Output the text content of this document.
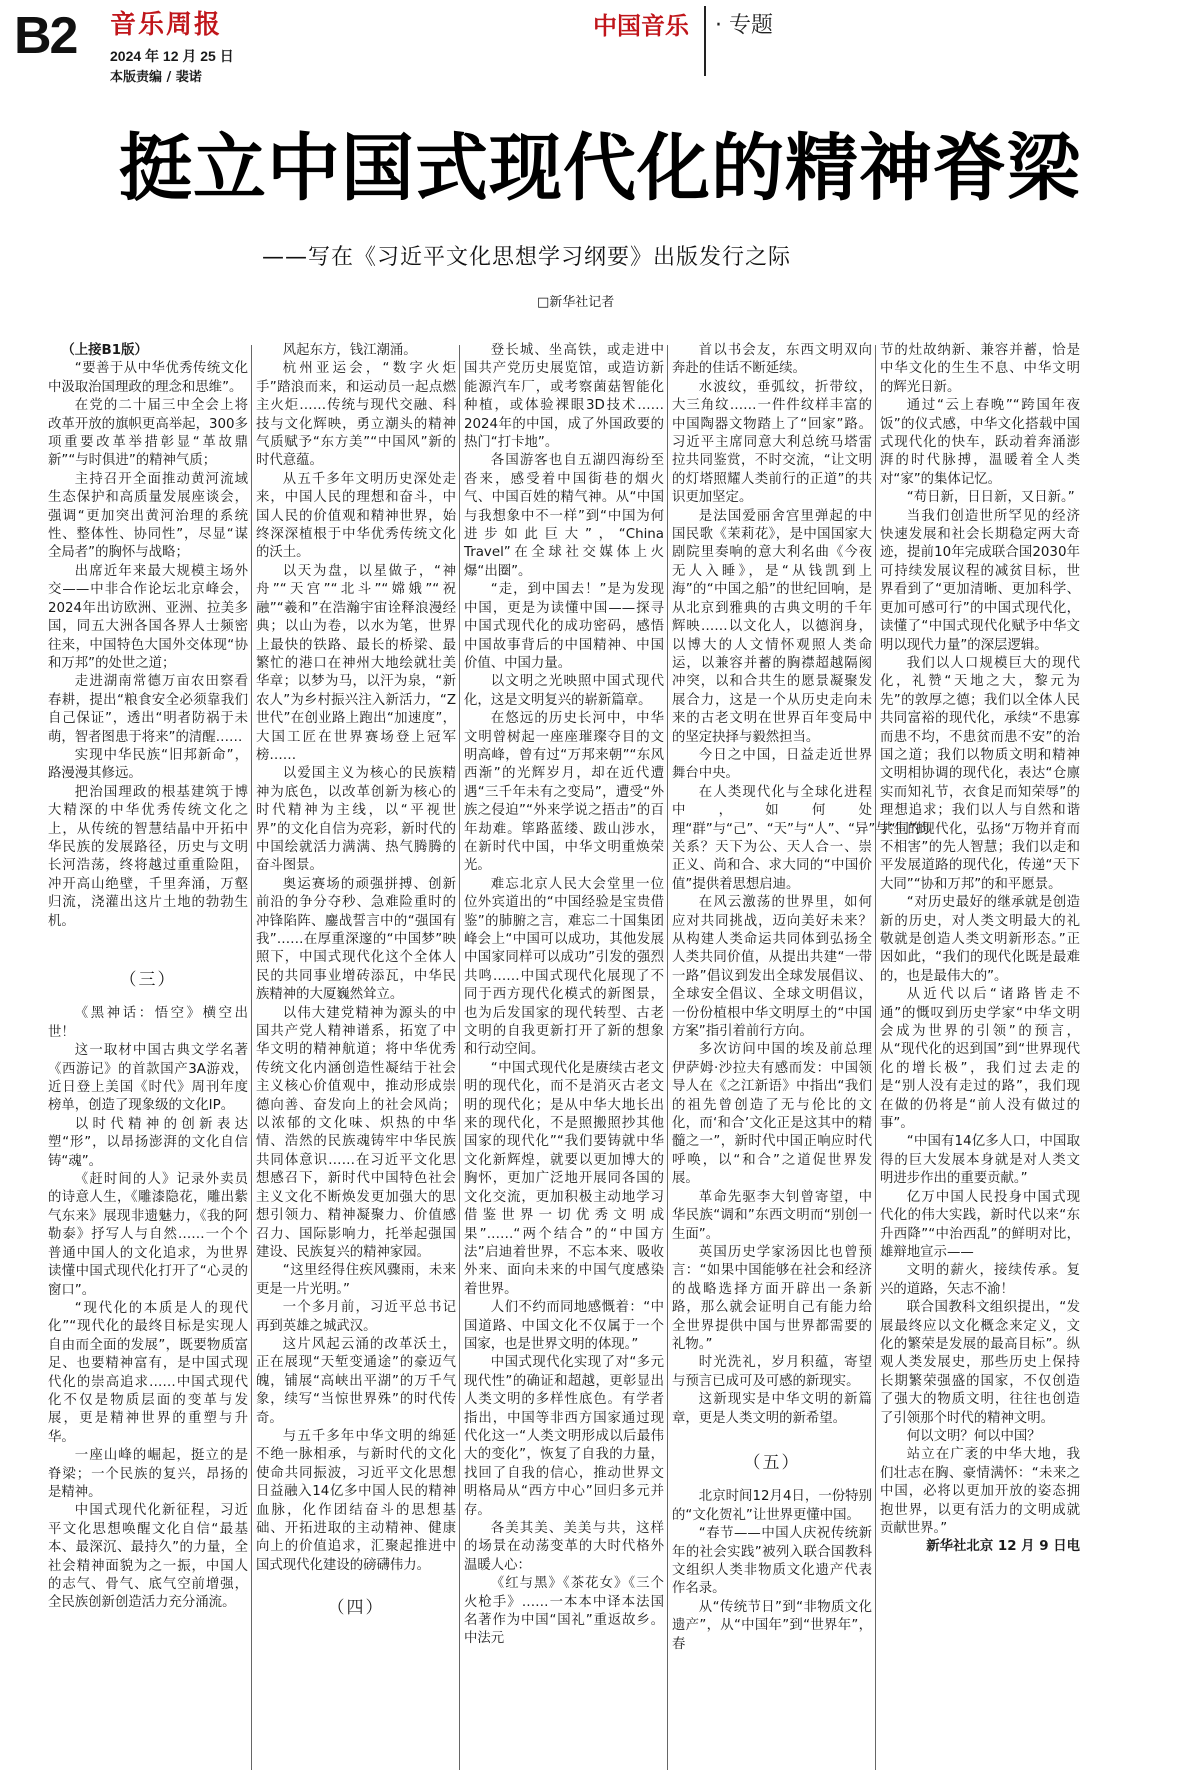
B2 音乐周报
2024 年 12 月 25 日
本版责编 / 裴诺
中国音乐 · 专题
挺立中国式现代化的精神脊梁
——写在《习近平文化思想学习纲要》出版发行之际
□新华社记者

（上接B1版）

“要善于从中华优秀传统文化中汲取治国理政的理念和思维”。

在党的二十届三中全会上将改革开放的旗帜更高举起，300多项重要改革举措彰显“革故鼎新”“与时俱进”的精神气质；

主持召开全面推动黄河流域生态保护和高质量发展座谈会，强调“更加突出黄河治理的系统性、整体性、协同性”，尽显“谋全局者”的胸怀与战略；

出席近年来最大规模主场外交——中非合作论坛北京峰会，2024年出访欧洲、亚洲、拉美多国，同五大洲各国各界人士频密往来，中国特色大国外交体现“协和万邦”的处世之道；

走进湖南常德万亩农田察看春耕，提出“粮食安全必须靠我们自己保证”，透出“明者防祸于未萌，智者图患于将来”的清醒……

实现中华民族“旧邦新命”，路漫漫其修远。

把治国理政的根基建筑于博大精深的中华优秀传统文化之上，从传统的智慧结晶中开拓中华民族的发展路径，历史与文明长河浩荡，终将越过重重险阻，冲开高山绝壁，千里奔涌，万壑归流，浇灌出这片土地的勃勃生机。

（三）

《黑神话：悟空》横空出世！

这一取材中国古典文学名著《西游记》的首款国产3A游戏，近日登上美国《时代》周刊年度榜单，创造了现象级的文化IP。

以时代精神的创新表达塑“形”，以昂扬澎湃的文化自信铸“魂”。

《赶时间的人》记录外卖员的诗意人生，《雕漆隐花，雕出紫气东来》展现非遗魅力，《我的阿勒泰》抒写人与自然……一个个普通中国人的文化追求，为世界读懂中国式现代化打开了“心灵的窗口”。

“现代化的本质是人的现代化”“现代化的最终目标是实现人自由而全面的发展”，既要物质富足、也要精神富有，是中国式现代化的崇高追求……中国式现代化不仅是物质层面的变革与发展，更是精神世界的重塑与升华。

一座山峰的崛起，挺立的是脊梁；一个民族的复兴，昂扬的是精神。

中国式现代化新征程，习近平文化思想唤醒文化自信“最基本、最深沉、最持久”的力量，全社会精神面貌为之一振，中国人的志气、骨气、底气空前增强，全民族创新创造活力充分涌流。

风起东方，钱江潮涌。

杭州亚运会，“数字火炬手”踏浪而来，和运动员一起点燃主火炬……传统与现代交融、科技与文化辉映，勇立潮头的精神气质赋予“东方美”“中国风”新的时代意蕴。

从五千多年文明历史深处走来，中国人民的理想和奋斗，中国人民的价值观和精神世界，始终深深植根于中华优秀传统文化的沃土。

以天为盘，以星做子，“神舟”“天宫”“北斗”“嫦娥”“祝融”“羲和”在浩瀚宇宙诠释浪漫经典；以山为卷，以水为笔，世界上最快的铁路、最长的桥梁、最繁忙的港口在神州大地绘就壮美华章；以梦为马，以汗为泉，“新农人”为乡村振兴注入新活力，“Z世代”在创业路上跑出“加速度”，大国工匠在世界赛场登上冠军榜……

以爱国主义为核心的民族精神为底色，以改革创新为核心的时代精神为主线，以“平视世界”的文化自信为亮彩，新时代的中国绘就活力满满、热气腾腾的奋斗图景。

奥运赛场的顽强拼搏、创新前沿的争分夺秒、急难险重时的冲锋陷阵、鏖战誓言中的“强国有我”……在厚重深邃的“中国梦”映照下，中国式现代化这个全体人民的共同事业增砖添瓦，中华民族精神的大厦巍然耸立。

以伟大建党精神为源头的中国共产党人精神谱系，拓宽了中华文明的精神航道；将中华优秀传统文化内涵创造性凝结于社会主义核心价值观中，推动形成崇德向善、奋发向上的社会风尚；以浓郁的文化味、炽热的中华情、浩然的民族魂铸牢中华民族共同体意识……在习近平文化思想感召下，新时代中国特色社会主义文化不断焕发更加强大的思想引领力、精神凝聚力、价值感召力、国际影响力，托举起强国建设、民族复兴的精神家园。

“这里经得住疾风骤雨，未来更是一片光明。”

一个多月前，习近平总书记再到英雄之城武汉。

这片风起云涌的改革沃土，正在展现“天堑变通途”的豪迈气魄，铺展“高峡出平湖”的万千气象，续写“当惊世界殊”的时代传奇。

与五千多年中华文明的绵延不绝一脉相承，与新时代的文化使命共同振波，习近平文化思想日益融入14亿多中国人民的精神血脉，化作团结奋斗的思想基础、开拓进取的主动精神、健康向上的价值追求，汇聚起推进中国式现代化建设的磅礴伟力。

（四）

登长城、坐高铁，或走进中国共产党历史展览馆，或造访新能源汽车厂，或考察菌菇智能化种植，或体验裸眼3D技术……2024年的中国，成了外国政要的热门“打卡地”。

各国游客也自五湖四海纷至沓来，感受着中国街巷的烟火气、中国百姓的精气神。从“中国与我想象中不一样”到“中国为何进步如此巨大”，“China Travel”在全球社交媒体上火爆“出圈”。

“走，到中国去！”是为发现中国，更是为读懂中国——探寻中国式现代化的成功密码，感悟中国故事背后的中国精神、中国价值、中国力量。

以文明之光映照中国式现代化，这是文明复兴的崭新篇章。

在悠远的历史长河中，中华文明曾树起一座座璀璨夺目的文明高峰，曾有过“万邦来朝”“东风西渐”的光辉岁月，却在近代遭遇“三千年未有之变局”，遭受“外族之侵迫”“外来学说之捂击”的百年劫难。筚路蓝缕、跋山涉水，在新时代中国，中华文明重焕荣光。

难忘北京人民大会堂里一位位外宾道出的“中国经验是宝贵借鉴”的肺腑之言，难忘二十国集团峰会上“中国可以成功，其他发展中国家同样可以成功”引发的强烈共鸣……中国式现代化展现了不同于西方现代化模式的新图景，也为后发国家的现代转型、古老文明的自我更新打开了新的想象和行动空间。

“中国式现代化是赓续古老文明的现代化，而不是消灭古老文明的现代化；是从中华大地长出来的现代化，不是照搬照抄其他国家的现代化”“我们要铸就中华文化新辉煌，就要以更加博大的胸怀，更加广泛地开展同各国的文化交流，更加积极主动地学习借鉴世界一切优秀文明成果”……“两个结合”的“中国方法”启迪着世界，不忘本来、吸收外来、面向未来的中国气度感染着世界。

人们不约而同地感慨着：“中国道路、中国文化不仅属于一个国家，也是世界文明的体现。”

中国式现代化实现了对“多元现代性”的确证和超越，更彰显出人类文明的多样性底色。有学者指出，中国等非西方国家通过现代化这一“人类文明形成以后最伟大的变化”，恢复了自我的力量，找回了自我的信心，推动世界文明格局从“西方中心”回归多元并存。

各美其美、美美与共，这样的场景在动荡变革的大时代格外温暖人心：

《红与黑》《茶花女》《三个火枪手》……一本本中译本法国名著作为中国“国礼”重返故乡。中法元

首以书会友，东西文明双向奔赴的佳话不断延续。

水波纹，垂弧纹，折带纹，大三角纹……一件件纹样丰富的中国陶器文物踏上了“回家”路。习近平主席同意大利总统马塔雷拉共同鉴赏，不时交流，“让文明的灯塔照耀人类前行的正道”的共识更加坚定。

是法国爱丽舍宫里弹起的中国民歌《茉莉花》，是中国国家大剧院里奏响的意大利名曲《今夜无人入睡》，是“从钱凯到上海”的“中国之船”的世纪回响，是从北京到雅典的古典文明的千年辉映……以文化人，以德润身，以博大的人文情怀观照人类命运，以兼容并蓄的胸襟超越隔阂冲突，以和合共生的愿景凝聚发展合力，这是一个从历史走向未来的古老文明在世界百年变局中的坚定抉择与毅然担当。

今日之中国，日益走近世界舞台中央。

在人类现代化与全球化进程中，如何处理“群”与“己”、“天”与“人”、“异”与“同”的关系？天下为公、天人合一、崇正义、尚和合、求大同的“中国价值”提供着思想启迪。

在风云激荡的世界里，如何应对共同挑战，迈向美好未来？从构建人类命运共同体到弘扬全人类共同价值，从提出共建“一带一路”倡议到发出全球发展倡议、全球安全倡议、全球文明倡议，一份份植根中华文明厚土的“中国方案”指引着前行方向。

多次访问中国的埃及前总理伊萨姆·沙拉夫有感而发：中国领导人在《之江新语》中指出“我们的祖先曾创造了无与伦比的文化，而‘和合’文化正是这其中的精髓之一”，新时代中国正响应时代呼唤，以“和合”之道促世界发展。

革命先驱李大钊曾寄望，中华民族“调和”东西文明而“别创一生面”。

英国历史学家汤因比也曾预言：“如果中国能够在社会和经济的战略选择方面开辟出一条新路，那么就会证明自己有能力给全世界提供中国与世界都需要的礼物。”

时光洗礼，岁月积蕴，寄望与预言已成可及可感的新现实。

这新现实是中华文明的新篇章，更是人类文明的新希望。

（五）

北京时间12月4日，一份特别的“文化贺礼”让世界更懂中国。

“春节——中国人庆祝传统新年的社会实践”被列入联合国教科文组织人类非物质文化遗产代表作名录。

从“传统节日”到“非物质文化遗产”，从“中国年”到“世界年”，春

节的灶故纳新、兼容并蓄，恰是中华文化的生生不息、中华文明的辉光日新。

通过“云上春晚”“跨国年夜饭”的仪式感，中华文化搭载中国式现代化的快车，跃动着奔涌澎湃的时代脉搏，温暖着全人类对“家”的集体记忆。

“苟日新，日日新，又日新。”

当我们创造世所罕见的经济快速发展和社会长期稳定两大奇迹，提前10年完成联合国2030年可持续发展议程的减贫目标，世界看到了“更加清晰、更加科学、更加可感可行”的中国式现代化，读懂了“中国式现代化赋予中华文明以现代力量”的深层逻辑。

我们以人口规模巨大的现代化，礼赞“天地之大，黎元为先”的敦厚之德；我们以全体人民共同富裕的现代化，承续“不患寡而患不均，不患贫而患不安”的治国之道；我们以物质文明和精神文明相协调的现代化，表达“仓廪实而知礼节，衣食足而知荣辱”的理想追求；我们以人与自然和谐共生的现代化，弘扬“万物并育而不相害”的先人智慧；我们以走和平发展道路的现代化，传递“天下大同”“协和万邦”的和平愿景。

“对历史最好的继承就是创造新的历史，对人类文明最大的礼敬就是创造人类文明新形态。”正因如此，“我们的现代化既是最难的，也是最伟大的”。

从近代以后“诸路皆走不通”的慨叹到历史学家“中华文明会成为世界的引领”的预言，从“现代化的迟到国”到“世界现代化的增长极”，我们过去走的是“别人没有走过的路”，我们现在做的仍将是“前人没有做过的事”。

“中国有14亿多人口，中国取得的巨大发展本身就是对人类文明进步作出的重要贡献。”

亿万中国人民投身中国式现代化的伟大实践，新时代以来“东升西降”“中治西乱”的鲜明对比，雄辩地宣示——

文明的薪火，接续传承。复兴的道路，矢志不渝！

联合国教科文组织提出，“发展最终应以文化概念来定义，文化的繁荣是发展的最高目标”。纵观人类发展史，那些历史上保持长期繁荣强盛的国家，不仅创造了强大的物质文明，往往也创造了引领那个时代的精神文明。

何以文明？何以中国？

站立在广袤的中华大地，我们壮志在胸、豪情满怀：“未来之中国，必将以更加开放的姿态拥抱世界，以更有活力的文明成就贡献世界。”

新华社北京 12 月 9 日电
